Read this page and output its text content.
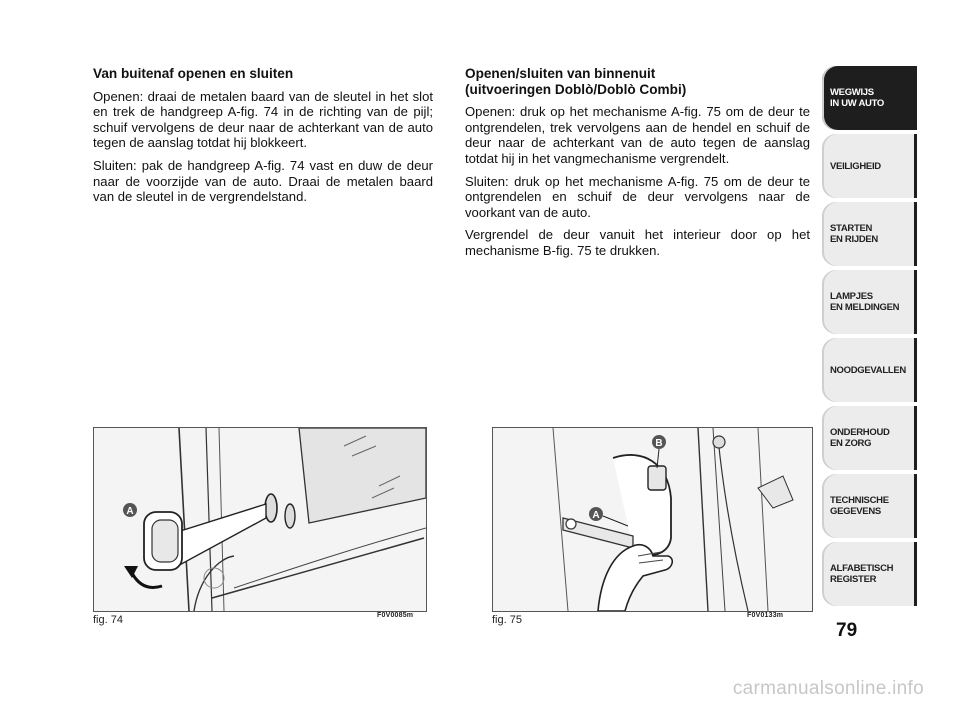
Van buitenaf openen en sluiten

Openen: draai de metalen baard van de sleutel in het slot en trek de handgreep A-fig. 74 in de richting van de pijl; schuif vervolgens de deur naar de achterkant van de auto tegen de aanslag totdat hij blokkeert.

Sluiten: pak de handgreep A-fig. 74 vast en duw de deur naar de voorzijde van de auto. Draai de metalen baard van de sleutel in de vergrendelstand.

Openen/sluiten van binnenuit
(uitvoeringen Doblò/Doblò Combi)

Openen: druk op het mechanisme A-fig. 75 om de deur te ontgrendelen, trek vervolgens aan de hendel en schuif de deur naar de achterkant van de auto tegen de aanslag totdat hij in het vangmechanisme vergrendelt.

Sluiten: druk op het mechanisme A-fig. 75 om de deur te ontgrendelen en schuif de deur vervolgens naar de voorkant van de auto.

Vergrendel de deur vanuit het interieur door op het mechanisme B-fig. 75 te drukken.

A
fig. 74	F0V0085m
A
B
fig. 75	F0V0133m
WEGWIJS
IN UW AUTO
VEILIGHEID
STARTEN
EN RIJDEN
LAMPJES
EN MELDINGEN
NOODGEVALLEN
ONDERHOUD
EN ZORG
TECHNISCHE
GEGEVENS
ALFABETISCH
REGISTER
79
carmanualsonline.info
